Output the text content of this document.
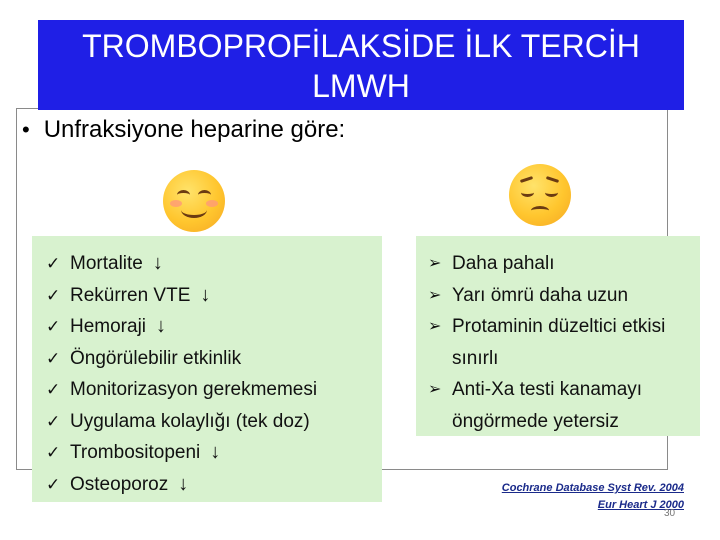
TROMBOPROFİLAKSİDE İLK TERCİH
LMWH
• Unfraksiyone heparine göre:
✓ Mortalite ↓
✓ Rekürren VTE ↓
✓ Hemoraji ↓
✓ Öngörülebilir etkinlik
✓ Monitorizasyon gerekmemesi
✓ Uygulama kolaylığı (tek doz)
✓ Trombositopeni ↓
✓ Osteoporoz ↓
➢ Daha pahalı
➢ Yarı ömrü daha uzun
➢ Protaminin düzeltici etkisi sınırlı
➢ Anti-Xa testi kanamayı öngörmede yetersiz
Cochrane Database Syst Rev. 2004
Eur Heart J 2000
30
